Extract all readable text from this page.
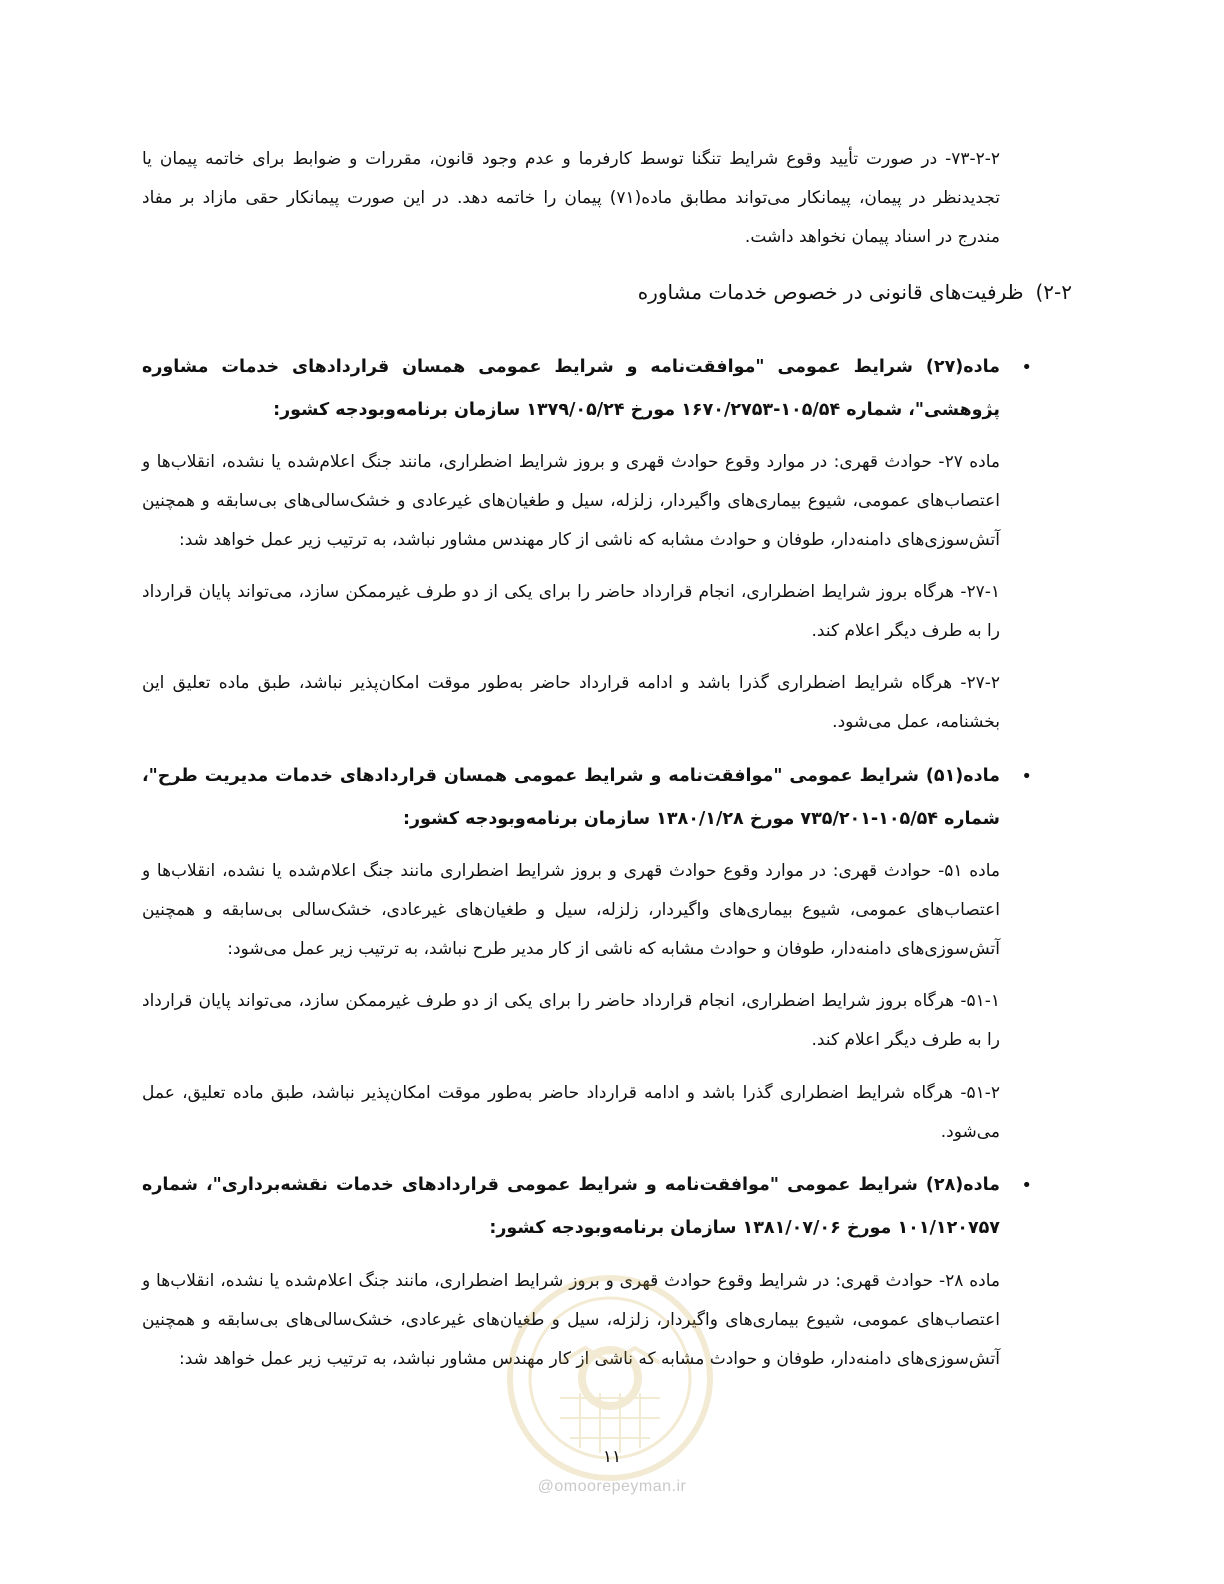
۷۳-۲-۲- در صورت تأیید وقوع شرایط تنگنا توسط کارفرما و عدم وجود قانون، مقررات و ضوابط برای خاتمه پیمان یا تجدیدنظر در پیمان، پیمانکار می‌تواند مطابق ماده(۷۱) پیمان را خاتمه دهد. در این صورت پیمانکار حقی مازاد بر مفاد مندرج در اسناد پیمان نخواهد داشت.
۲-۲)ظرفیت‌های قانونی در خصوص خدمات مشاوره
•
ماده(۲۷) شرایط عمومی "موافقت‌نامه و شرایط عمومی همسان قراردادهای خدمات مشاوره پژوهشی"، شماره ۱۰۵/۵۴-۱۶۷۰/۲۷۵۳ مورخ ۱۳۷۹/۰۵/۲۴ سازمان برنامه‌وبودجه کشور:
ماده ۲۷- حوادث قهری: در موارد وقوع حوادث قهری و بروز شرایط اضطراری، مانند جنگ اعلام‌شده یا نشده، انقلاب‌ها و اعتصاب‌های عمومی، شیوع بیماری‌های واگیردار، زلزله، سیل و طغیان‌های غیرعادی و خشک‌سالی‌های بی‌سابقه و همچنین آتش‌سوزی‌های دامنه‌دار، طوفان و حوادث مشابه که ناشی از کار مهندس مشاور نباشد، به ترتیب زیر عمل خواهد شد:
۲۷-۱- هرگاه بروز شرایط اضطراری، انجام قرارداد حاضر را برای یکی از دو طرف غیرممکن سازد، می‌تواند پایان قرارداد را به طرف دیگر اعلام کند.
۲۷-۲- هرگاه شرایط اضطراری گذرا باشد و ادامه قرارداد حاضر به‌طور موقت امکان‌پذیر نباشد، طبق ماده تعلیق این بخشنامه، عمل می‌شود.
•
ماده(۵۱) شرایط عمومی "موافقت‌نامه و شرایط عمومی همسان قراردادهای خدمات مدیریت طرح"، شماره ۱۰۵/۵۴-۷۳۵/۲۰۱ مورخ ۱۳۸۰/۱/۲۸ سازمان برنامه‌وبودجه کشور:
ماده ۵۱- حوادث قهری: در موارد وقوع حوادث قهری و بروز شرایط اضطراری مانند جنگ اعلام‌شده یا نشده، انقلاب‌ها و اعتصاب‌های عمومی، شیوع بیماری‌های واگیردار، زلزله، سیل و طغیان‌های غیرعادی، خشک‌سالی بی‌سابقه و همچنین آتش‌سوزی‌های دامنه‌دار، طوفان و حوادث مشابه که ناشی از کار مدیر طرح نباشد، به ترتیب زیر عمل می‌شود:
۵۱-۱- هرگاه بروز شرایط اضطراری، انجام قرارداد حاضر را برای یکی از دو طرف غیرممکن سازد، می‌تواند پایان قرارداد را به طرف دیگر اعلام کند.
۵۱-۲- هرگاه شرایط اضطراری گذرا باشد و ادامه قرارداد حاضر به‌طور موقت امکان‌پذیر نباشد، طبق ماده تعلیق، عمل می‌شود.
•
ماده(۲۸) شرایط عمومی "موافقت‌نامه و شرایط عمومی قراردادهای خدمات نقشه‌برداری"، شماره ۱۰۱/۱۲۰۷۵۷ مورخ ۱۳۸۱/۰۷/۰۶ سازمان برنامه‌وبودجه کشور:
ماده ۲۸- حوادث قهری: در شرایط وقوع حوادث قهری و بروز شرایط اضطراری، مانند جنگ اعلام‌شده یا نشده، انقلاب‌ها و اعتصاب‌های عمومی، شیوع بیماری‌های واگیردار، زلزله، سیل و طغیان‌های غیرعادی، خشک‌سالی‌های بی‌سابقه و همچنین آتش‌سوزی‌های دامنه‌دار، طوفان و حوادث مشابه که ناشی از کار مهندس مشاور نباشد، به ترتیب زیر عمل خواهد شد:
۱۱
@omoorepeyman.ir
